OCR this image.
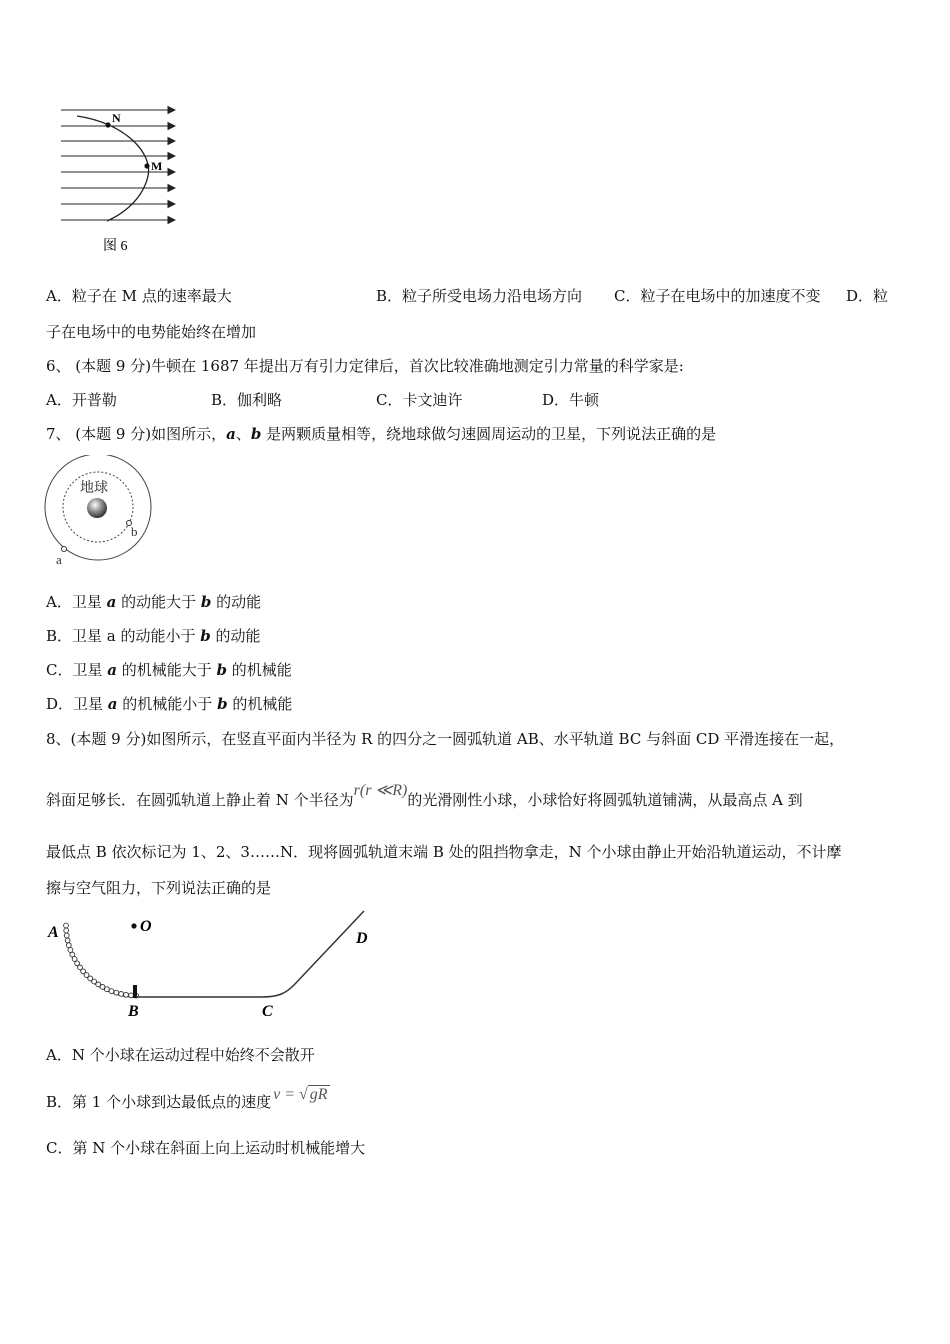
N
M
图 6
A．粒子在 M 点的速率最大	B．粒子所受电场力沿电场方向 C．粒子在电场中的加速度不变 D．粒
子在电场中的电势能始终在增加
6、 (本题 9 分)牛顿在 1687 年提出万有引力定律后，首次比较准确地测定引力常量的科学家是:
A．开普勒	B．伽利略	C．卡文迪许	D．牛顿
7、 (本题 9 分)如图所示，a、b 是两颗质量相等，绕地球做匀速圆周运动的卫星，下列说法正确的是
地球
a
b
A．卫星 a 的动能大于 b 的动能
B．卫星 a 的动能小于 b 的动能
C．卫星 a 的机械能大于 b 的机械能
D．卫星 a 的机械能小于 b 的机械能
8、(本题 9 分)如图所示，在竖直平面内半径为 R 的四分之一圆弧轨道 AB、水平轨道 BC 与斜面 CD 平滑连接在一起，
斜面足够长．在圆弧轨道上静止着 N 个半径为r(r ≪R)的光滑刚性小球，小球恰好将圆弧轨道铺满，从最高点 A 到
最低点 B 依次标记为 1、2、3……N．现将圆弧轨道末端 B 处的阻挡物拿走，N 个小球由静止开始沿轨道运动，不计摩
擦与空气阻力，下列说法正确的是
A	O
B	C
D
A．N 个小球在运动过程中始终不会散开
B．第 1 个小球到达最低点的速度 v = √ gR
C．第 N 个小球在斜面上向上运动时机械能增大
